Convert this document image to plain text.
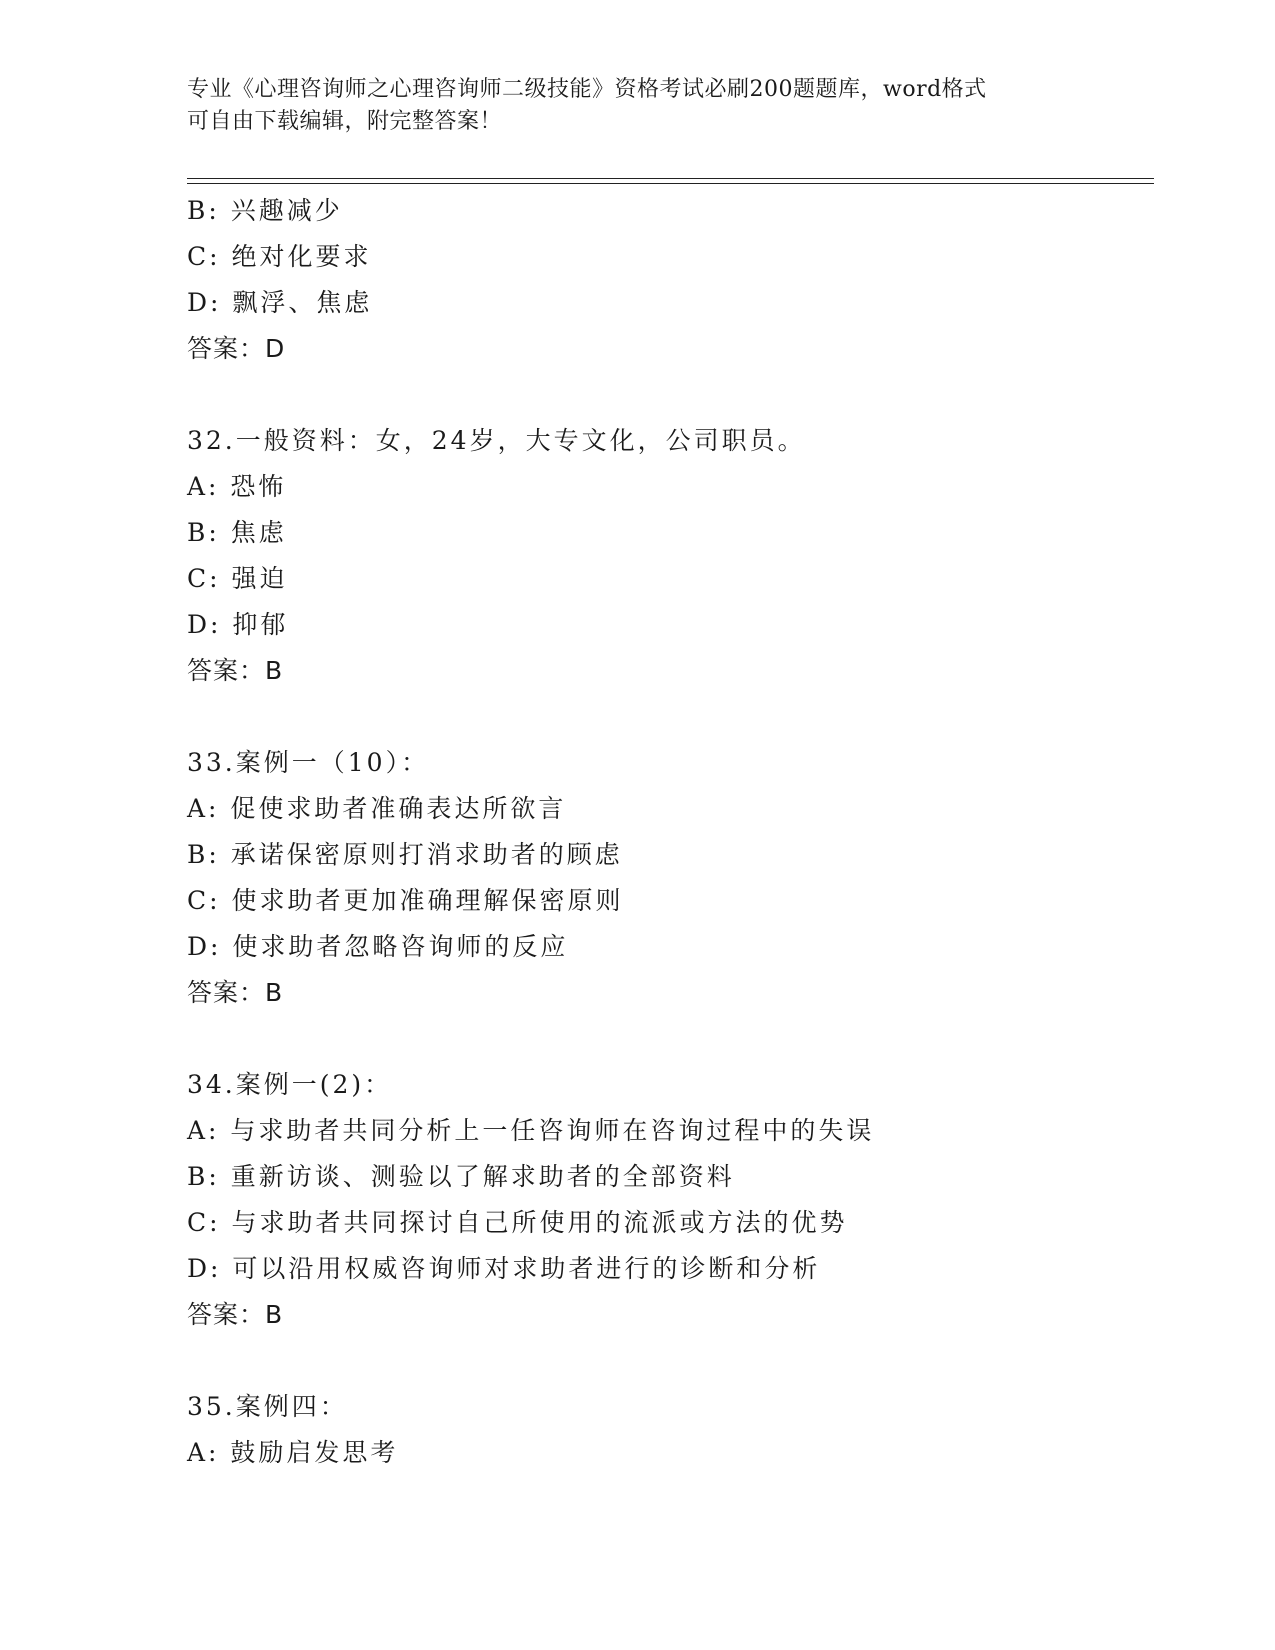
专业《心理咨询师之心理咨询师二级技能》资格考试必刷200题题库，word格式
可自由下载编辑，附完整答案！
B: 兴趣减少
C: 绝对化要求
D: 飘浮、焦虑
答案：D
32.一般资料：女，24岁，大专文化，公司职员。
A: 恐怖
B: 焦虑
C: 强迫
D: 抑郁
答案：B
33.案例一（10）：
A: 促使求助者准确表达所欲言
B: 承诺保密原则打消求助者的顾虑
C: 使求助者更加准确理解保密原则
D: 使求助者忽略咨询师的反应
答案：B
34.案例一(2)：
A: 与求助者共同分析上一任咨询师在咨询过程中的失误
B: 重新访谈、测验以了解求助者的全部资料
C: 与求助者共同探讨自己所使用的流派或方法的优势
D: 可以沿用权威咨询师对求助者进行的诊断和分析
答案：B
35.案例四：
A: 鼓励启发思考
